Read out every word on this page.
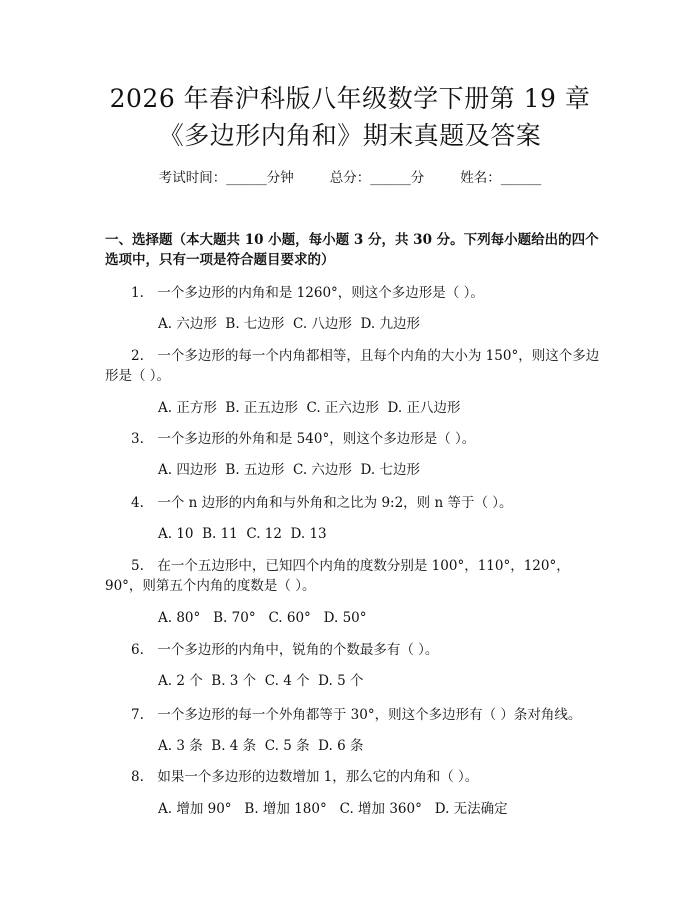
2026 年春沪科版八年级数学下册第 19 章
《多边形内角和》期末真题及答案
考试时间：______分钟	总分：______分	姓名：______
一、选择题（本大题共 10 小题，每小题 3 分，共 30 分。下列每小题给出的四个选项中，只有一项是符合题目要求的）
1.　一个多边形的内角和是 1260°，则这个多边形是（ ）。
A. 六边形  B. 七边形  C. 八边形  D. 九边形
2.　一个多边形的每一个内角都相等，且每个内角的大小为 150°，则这个多边形是（ ）。
A. 正方形  B. 正五边形  C. 正六边形  D. 正八边形
3.　一个多边形的外角和是 540°，则这个多边形是（ ）。
A. 四边形  B. 五边形  C. 六边形  D. 七边形
4.　一个 n 边形的内角和与外角和之比为 9:2，则 n 等于（ ）。
A. 10  B. 11  C. 12  D. 13
5.　在一个五边形中，已知四个内角的度数分别是 100°，110°，120°，90°，则第五个内角的度数是（ ）。
A. 80°   B. 70°   C. 60°   D. 50°
6.　一个多边形的内角中，锐角的个数最多有（ ）。
A. 2 个  B. 3 个  C. 4 个  D. 5 个
7.　一个多边形的每一个外角都等于 30°，则这个多边形有（ ）条对角线。
A. 3 条  B. 4 条  C. 5 条  D. 6 条
8.　如果一个多边形的边数增加 1，那么它的内角和（ ）。
A. 增加 90°   B. 增加 180°   C. 增加 360°   D. 无法确定
